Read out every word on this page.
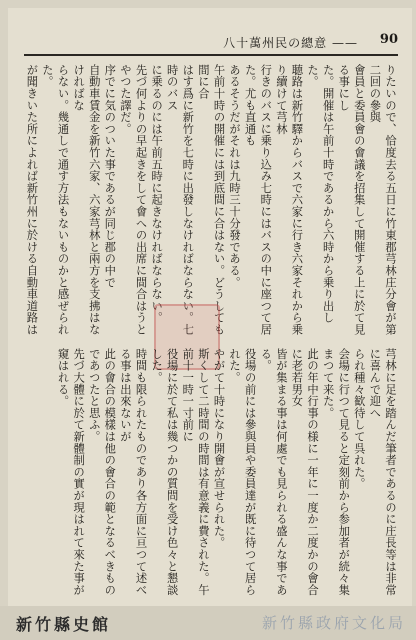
八十萬州民の總意 —— 90
りたいので、恰度去る五日に竹東郡芎林庄分會が第二回の參與
會員と委員會の會議を招集して開催する上に於て見る事にし
た。開催は午前十時であるから六時から乗り出した。
聴路は新竹驛からバスで六家に行き六家それから乗り續けて芎林
行きのバスに乗り込み七時にはバスの中に座つて居た。尤も直通も
あるそうだがそれは九時三十分發である。
午前十時の開催には到底間に合はない。どうしても間に合
はす爲に新竹を七時に出發しなければならない。七時のバス
に乗るのには午前五時に起きなければならない。
先づ何よりの早起きをして會への出席に間合はうとやつた譯だ。
序でに気のついた事であるが同じ郡の中で
自動車賃金を新竹六家、六家芎林と兩方を支拂はなければな
らない。幾通しで通す方法もないものかと感ぜられた。
が聞きいた所によれば新竹州に於ける自動車道路は
芎林に足を踏んだ筆者であるのに庄長等は非常に喜んで迎へ
られ種々歓待して呉れた。
会場に行つて見ると定刻前から参加者が続々集まつて来た。
此の年中行事の様に一年に一度か二度かの會合に老若男女
皆が集まる事は何處でも見られる盛んな事である。
役場の前には參與員や委員達が既に待つて居られた。
やがて十時になり開會が宣せられた。
斯くして二時間の時間は有意義に費された。午前十一時一寸前に
役場に於て私は幾つかの質問を受け色々と懇談した。
時間も限られたものであり各方面に亘つて述べる事は出來ないが
此の會合の模樣は他の會合の範となるべきものであつたと思ふ。
先づ大體に於て新體制の實が現はれて來た事が窺はれる。
新竹縣史館	新竹縣政府文化局
